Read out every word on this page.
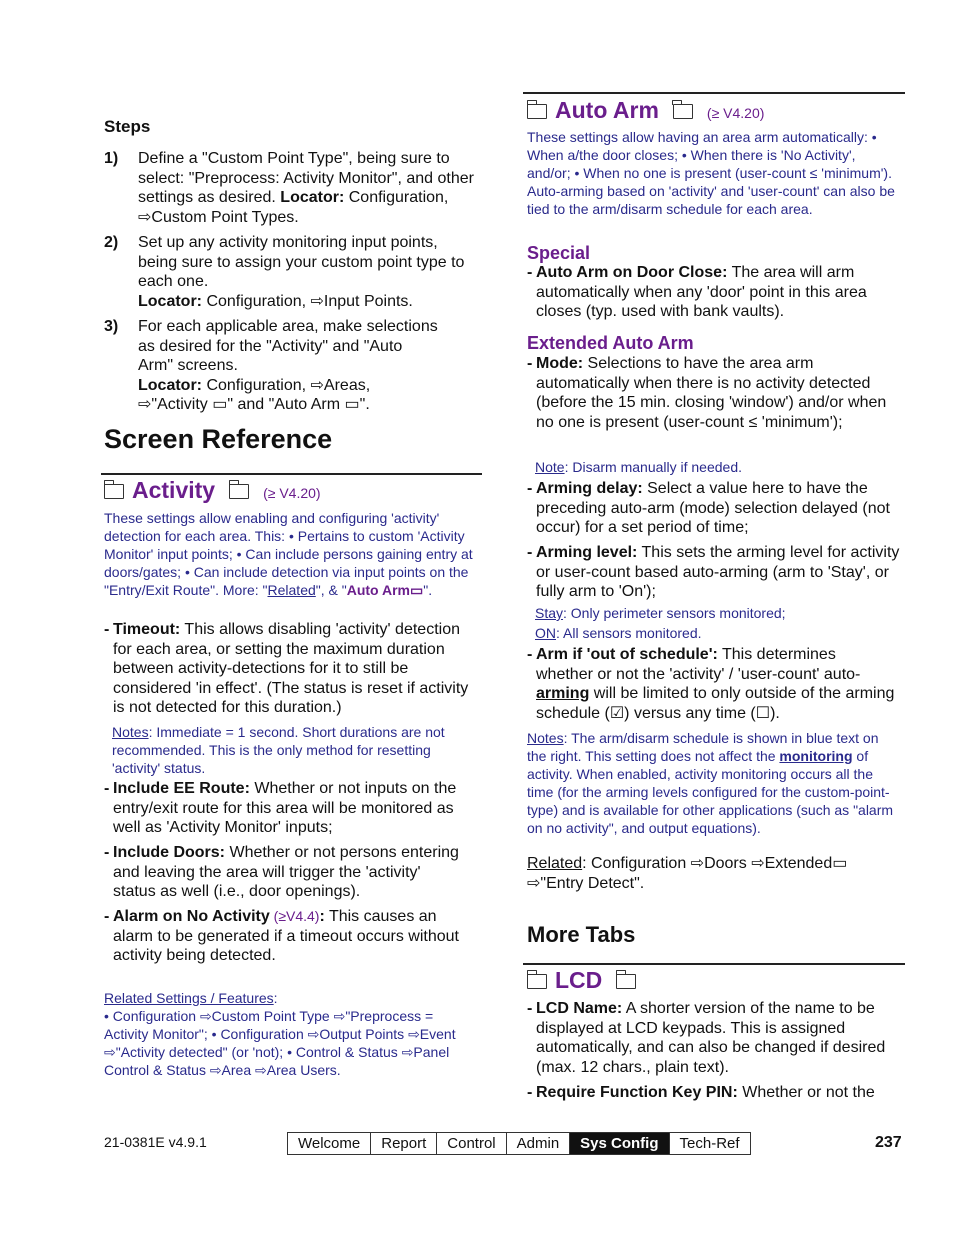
Steps
1) Define a "Custom Point Type", being sure to select: "Preprocess: Activity Monitor", and other settings as desired. Locator: Configuration, ⇨Custom Point Types.
2) Set up any activity monitoring input points, being sure to assign your custom point type to each one.
Locator: Configuration, ⇨Input Points.
3) For each applicable area, make selections as desired for the "Activity" and "Auto Arm" screens.
Locator: Configuration, ⇨Areas, ⇨"Activity ▭" and "Auto Arm ▭".
Screen Reference
Activity	(≥ V4.20)
These settings allow enabling and configuring 'activity' detection for each area. This: • Pertains to custom 'Activity Monitor' input points; • Can include persons gaining entry at doors/gates; • Can include detection via input points on the "Entry/Exit Route". More: "Related", & "Auto Arm▭".
- Timeout: This allows disabling 'activity' detection for each area, or setting the maximum duration between activity-detections for it to still be considered 'in effect'. (The status is reset if activity is not detected for this duration.)
Notes: Immediate = 1 second. Short durations are not recommended. This is the only method for resetting 'activity' status.
- Include EE Route: Whether or not inputs on the entry/exit route for this area will be monitored as well as 'Activity Monitor' inputs;
- Include Doors: Whether or not persons entering and leaving the area will trigger the 'activity' status as well (i.e., door openings).
- Alarm on No Activity (≥V4.4): This causes an alarm to be generated if a timeout occurs without activity being detected.

Related Settings / Features:
• Configuration ⇨Custom Point Type ⇨"Preprocess = Activity Monitor"; • Configuration ⇨Output Points ⇨Event ⇨"Activity detected" (or 'not); • Control & Status ⇨Panel Control & Status ⇨Area ⇨Area Users.

Auto Arm	(≥ V4.20)
These settings allow having an area arm automatically: • When a/the door closes; • When there is 'No Activity', and/or; • When no one is present (user-count ≤ 'minimum'). Auto-arming based on 'activity' and 'user-count' can also be tied to the arm/disarm schedule for each area.
Special
- Auto Arm on Door Close: The area will arm automatically when any 'door' point in this area closes (typ. used with bank vaults).
Extended Auto Arm
- Mode: Selections to have the area arm automatically when there is no activity detected (before the 15 min. closing 'window') and/or when no one is present (user-count ≤ 'minimum');
Note: Disarm manually if needed.
- Arming delay: Select a value here to have the preceding auto-arm (mode) selection delayed (not occur) for a set period of time;
- Arming level: This sets the arming level for activity or user-count based auto-arming (arm to 'Stay', or fully arm to 'On');
Stay: Only perimeter sensors monitored;
ON: All sensors monitored.
- Arm if 'out of schedule': This determines whether or not the 'activity' / 'user-count' auto-arming will be limited to only outside of the arming schedule (☑) versus any time (☐).
Notes: The arm/disarm schedule is shown in blue text on the right. This setting does not affect the monitoring of activity. When enabled, activity monitoring occurs all the time (for the arming levels configured for the custom-point-type) and is available for other applications (such as "alarm on no activity", and output equations).
Related: Configuration ⇨Doors ⇨Extended▭ ⇨"Entry Detect".
More Tabs
LCD
- LCD Name: A shorter version of the name to be displayed at LCD keypads. This is assigned automatically, and can also be changed if desired (max. 12 chars., plain text).
- Require Function Key PIN: Whether or not the
21-0381E v4.9.1	Welcome	Report	Control	Admin	Sys Config	Tech-Ref	237
